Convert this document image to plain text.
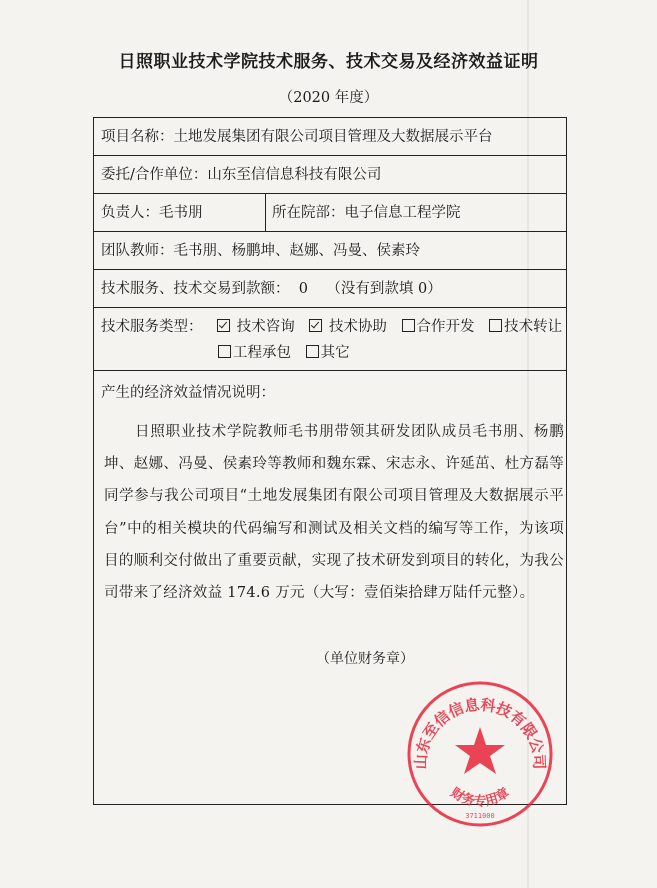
日照职业技术学院技术服务、技术交易及经济效益证明
（2020 年度）
项目名称：土地发展集团有限公司项目管理及大数据展示平台
委托/合作单位：山东至信信息科技有限公司
负责人：毛书朋	所在院部：电子信息工程学院
团队教师：毛书朋、杨鹏坤、赵娜、冯曼、侯素玲
技术服务、技术交易到款额：  0    （没有到款填 0）
技术服务类型： 技术咨询 技术协助 合作开发 技术转让
工程承包 其它
产生的经济效益情况说明：
日照职业技术学院教师毛书朋带领其研发团队成员毛书朋、杨鹏坤、赵娜、冯曼、侯素玲等教师和魏东霖、宋志永、许延茁、杜方磊等同学参与我公司项目“土地发展集团有限公司项目管理及大数据展示平台”中的相关模块的代码编写和测试及相关文档的编写等工作，为该项目的顺利交付做出了重要贡献，实现了技术研发到项目的转化，为我公司带来了经济效益 174.6 万元（大写：壹佰柒拾肆万陆仟元整）。
山东至信信息科技有限公司
财务专用章
3711000
（单位财务章）
